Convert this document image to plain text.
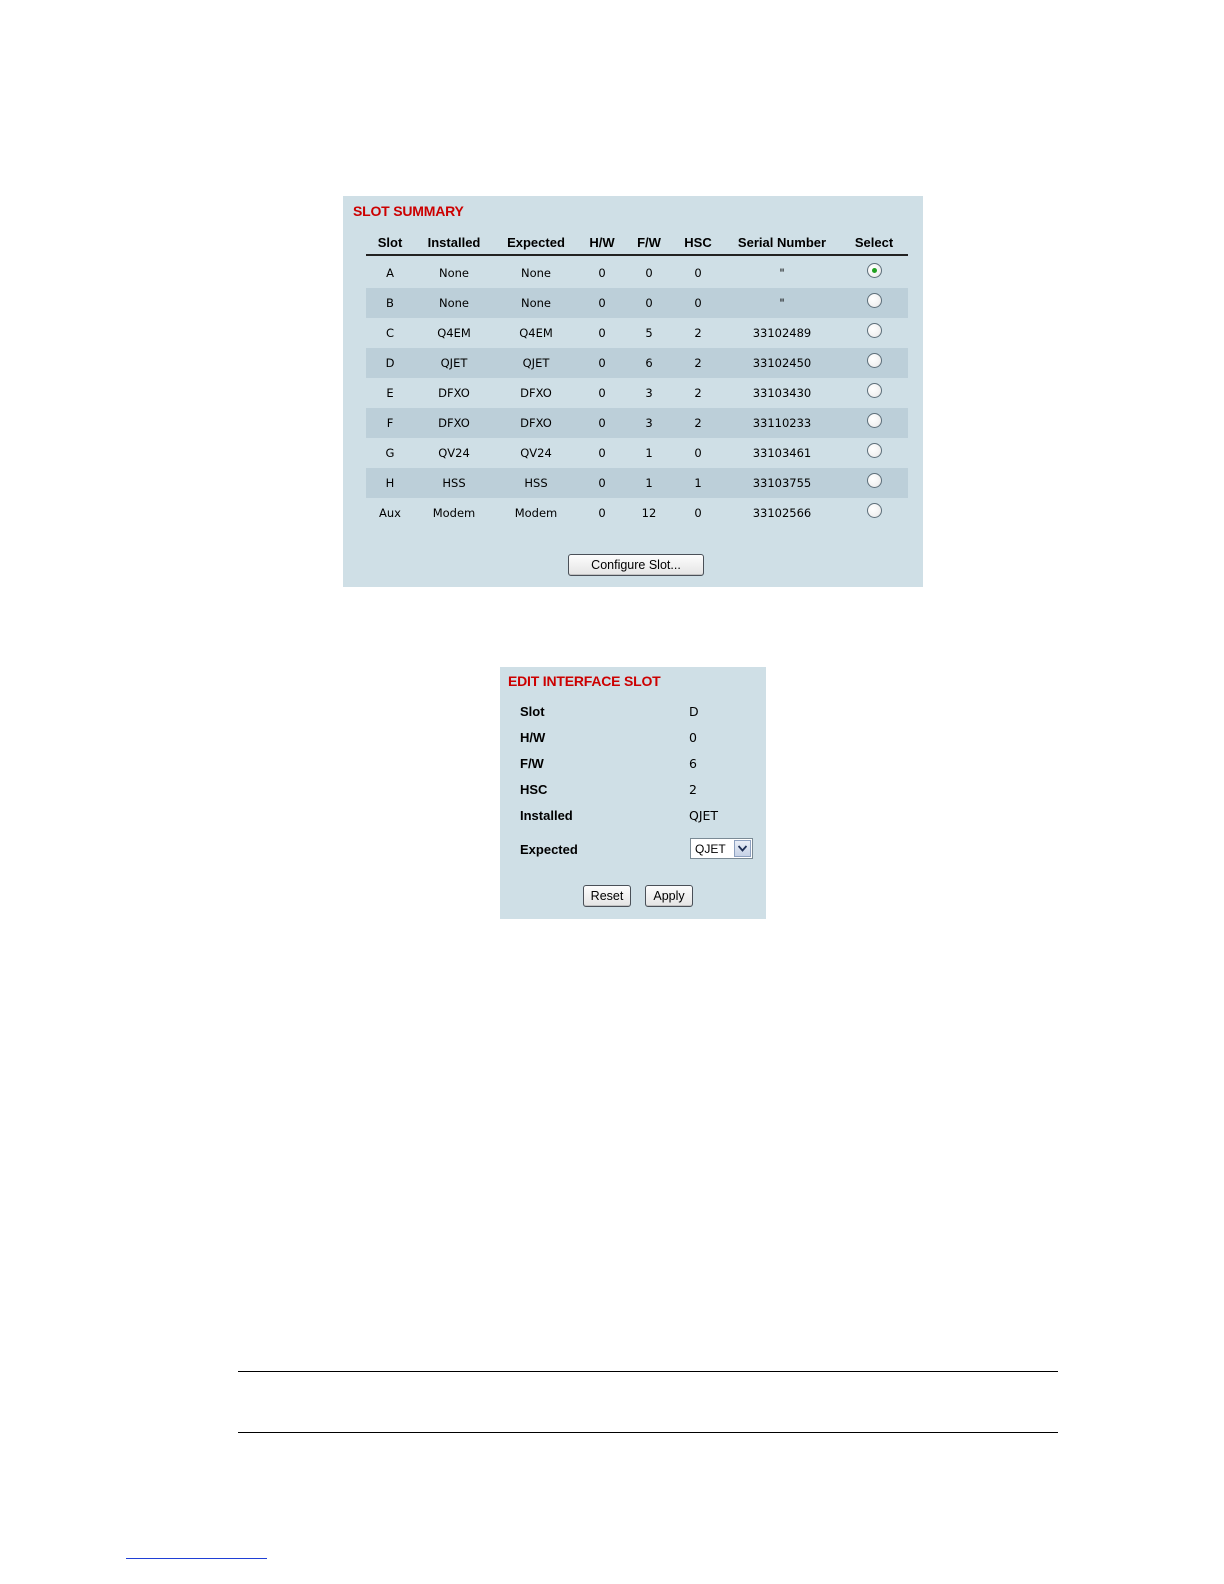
SLOT SUMMARY
Slot	Installed	Expected	H/W	F/W	HSC	Serial Number	Select
A	None	None	0	0	0	"	
B	None	None	0	0	0	"	
C	Q4EM	Q4EM	0	5	2	33102489	
D	QJET	QJET	0	6	2	33102450	
E	DFXO	DFXO	0	3	2	33103430	
F	DFXO	DFXO	0	3	2	33110233	
G	QV24	QV24	0	1	0	33103461	
H	HSS	HSS	0	1	1	33103755	
Aux	Modem	Modem	0	12	0	33102566	
Configure Slot...
EDIT INTERFACE SLOT
Slot	D
H/W	0
F/W	6
HSC	2
Installed	QJET
Expected	QJET
Reset	Apply
